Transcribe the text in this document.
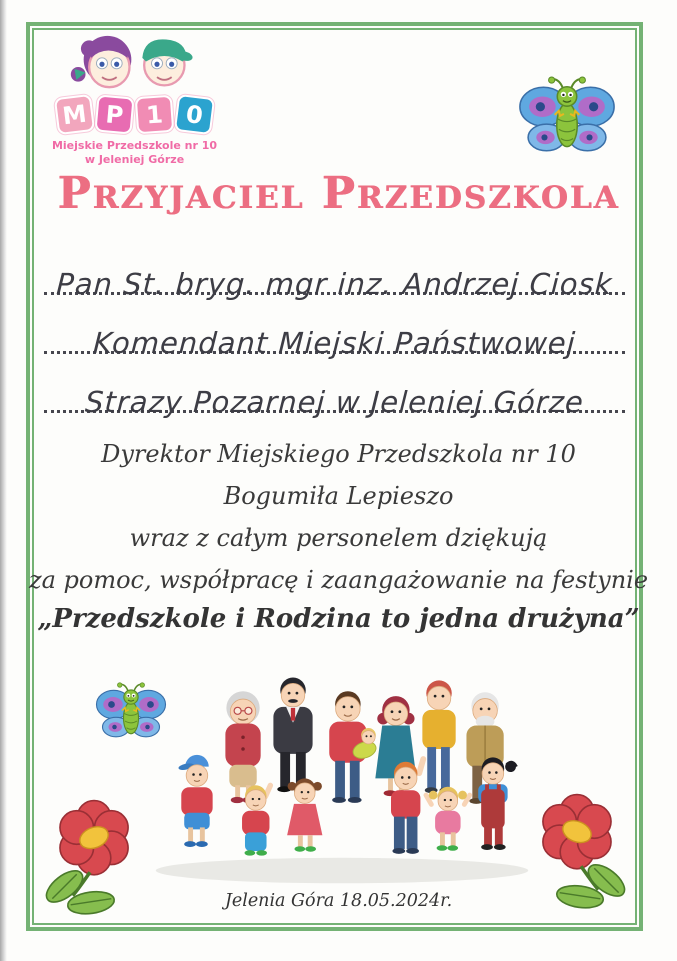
M P 1 0
Miejskie Przedszkole nr 10
w Jeleniej Górze
Przyjaciel Przedszkola
Pan St. bryg. mgr inz. Andrzej Ciosk
Komendant Miejski Państwowej
Strazy Pozarnej w Jeleniej Górze
Dyrektor Miejskiego Przedszkola nr 10
Bogumiła Lepieszo
wraz z całym personelem dziękują
za pomoc, współpracę i zaangażowanie na festynie
„Przedszkole i Rodzina to jedna drużyna”
Jelenia Góra 18.05.2024r.
